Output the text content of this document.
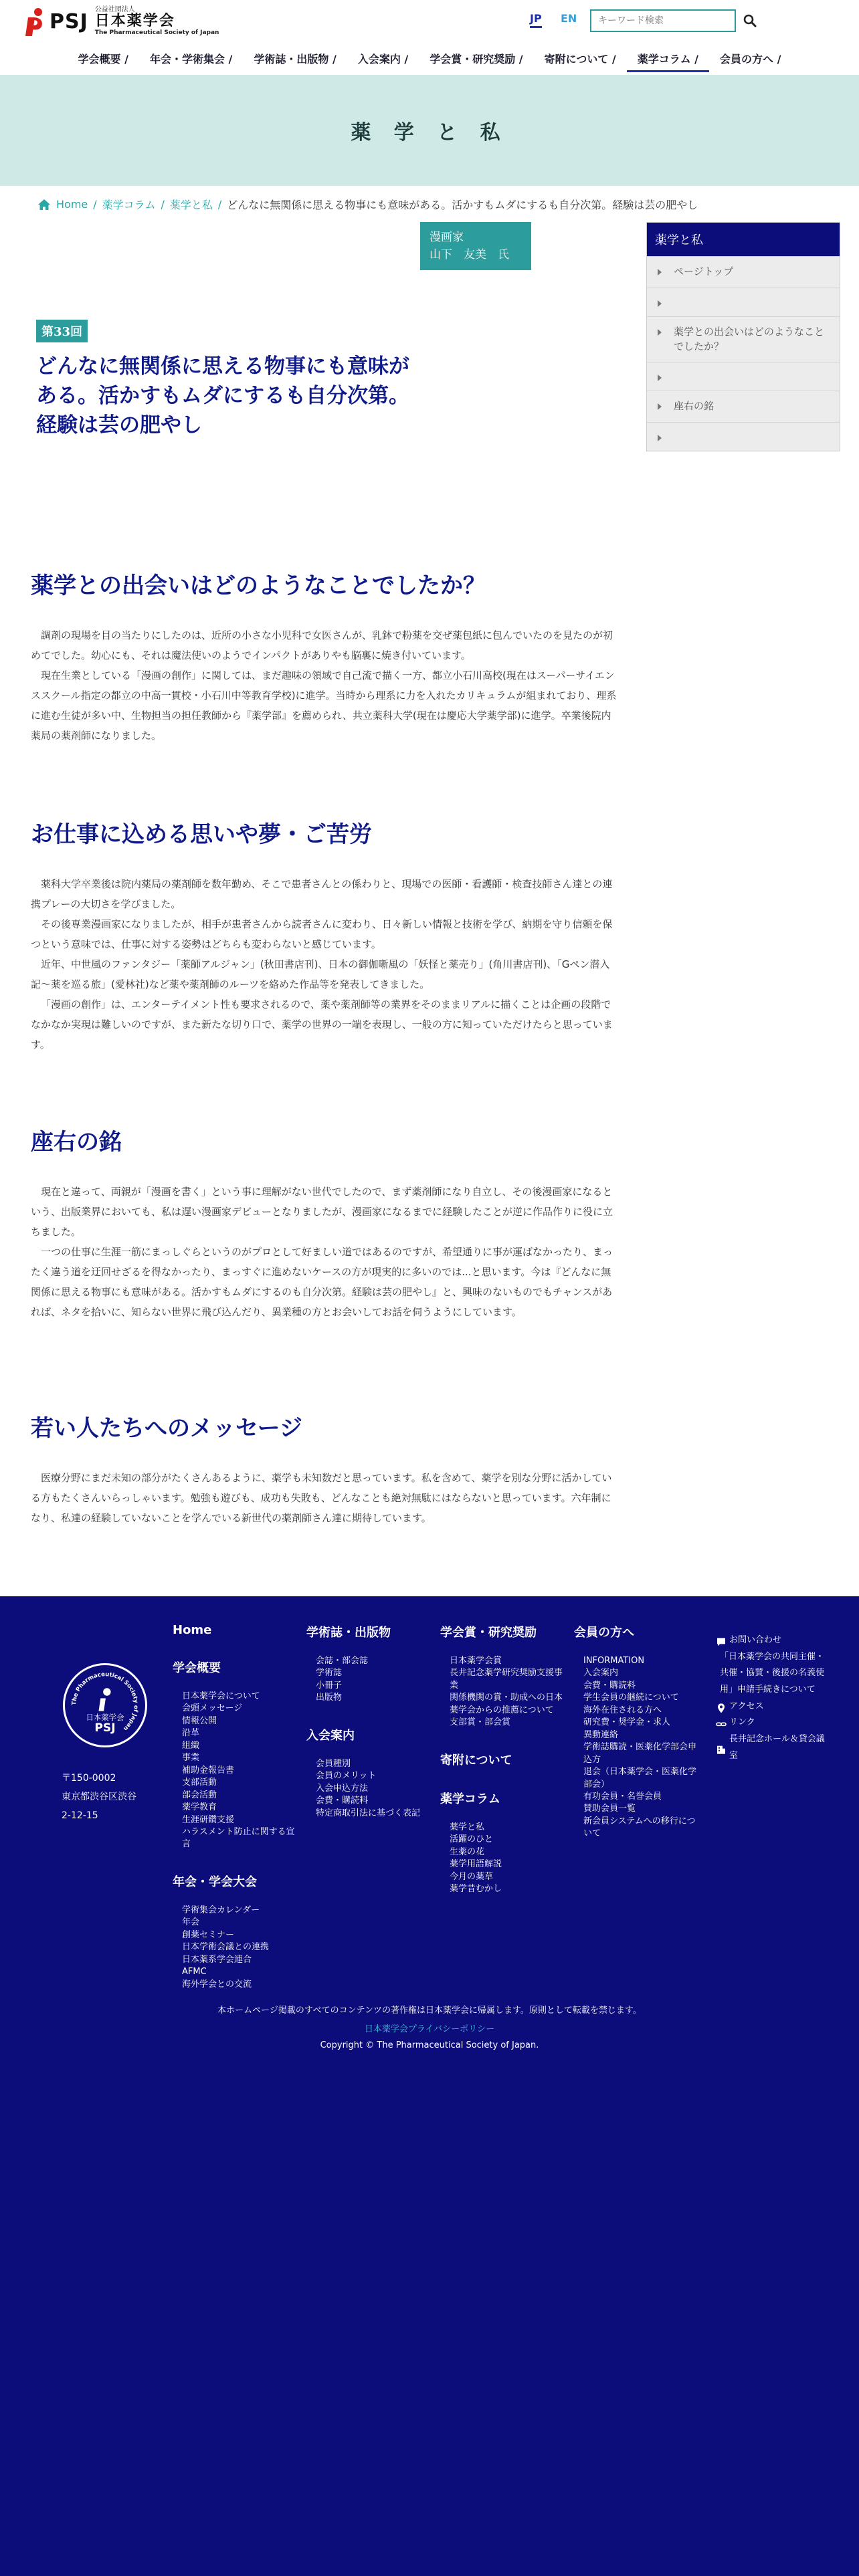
PSJ 公益社団法人
日本薬学会
The Pharmaceutical Society of Japan
JP EN
キーワード検索
学会概要 /	年会・学術集会 /	学術誌・出版物 /	入会案内 /	学会賞・研究奨励 /	寄附について /	薬学コラム /	会員の方へ /
薬 学 と 私
Home / 薬学コラム / 薬学と私 / どんなに無関係に思える物事にも意味がある。活かすもムダにするも自分次第。経験は芸の肥やし
漫画家
山下　友美　氏
薬学と私
ページトップ
薬学との出会いはどのようなことでしたか？
座右の銘
第33回
どんなに無関係に思える物事にも意味がある。活かすもムダにするも自分次第。経験は芸の肥やし
薬学との出会いはどのようなことでしたか？

調剤の現場を目の当たりにしたのは、近所の小さな小児科で女医さんが、乳鉢で粉薬を交ぜ薬包紙に包んでいたのを見たのが初めてでした。幼心にも、それは魔法使いのようでインパクトがありやも脳裏に焼き付いています。

現在生業としている「漫画の創作」に関しては、まだ趣味の領域で自己流で描く一方、都立小石川高校(現在はスーパーサイエンススクール指定の都立の中高一貫校・小石川中等教育学校)に進学。当時から理系に力を入れたカリキュラムが組まれており、理系に進む生徒が多い中、生物担当の担任教師から『薬学部』を薦められ、共立薬科大学(現在は慶応大学薬学部)に進学。卒業後院内薬局の薬剤師になりました。

お仕事に込める思いや夢・ご苦労

薬科大学卒業後は院内薬局の薬剤師を数年勤め、そこで患者さんとの係わりと、現場での医師・看護師・検査技師さん達との連携プレーの大切さを学びました。

その後専業漫画家になりましたが、相手が患者さんから読者さんに変わり、日々新しい情報と技術を学び、納期を守り信頼を保つという意味では、仕事に対する姿勢はどちらも変わらないと感じています。

近年、中世風のファンタジー「薬師アルジャン」(秋田書店刊)、日本の御伽噺風の「妖怪と薬売り」(角川書店刊)、「Gペン潜入記〜薬を巡る旅」(愛林社)など薬や薬剤師のルーツを絡めた作品等を発表してきました。

「漫画の創作」は、エンターテイメント性も要求されるので、薬や薬剤師等の業界をそのままリアルに描くことは企画の段階でなかなか実現は難しいのですが、また新たな切り口で、薬学の世界の一端を表現し、一般の方に知っていただけたらと思っています。

座右の銘

現在と違って、両親が「漫画を書く」という事に理解がない世代でしたので、まず薬剤師になり自立し、その後漫画家になるという、出版業界においても、私は遅い漫画家デビューとなりましたが、漫画家になるまでに経験したことが逆に作品作りに役に立ちました。

一つの仕事に生涯一筋にまっしぐらというのがプロとして好ましい道ではあるのですが、希望通りに事が運ばなかったり、まったく違う道を迂回せざるを得なかったり、まっすぐに進めないケースの方が現実的に多いのでは...と思います。今は『どんなに無関係に思える物事にも意味がある。活かすもムダにするのも自分次第。経験は芸の肥やし』と、興味のないものでもチャンスがあれば、ネタを拾いに、知らない世界に飛び込んだり、異業種の方とお会いしてお話を伺うようにしています。

若い人たちへのメッセージ

医療分野にまだ未知の部分がたくさんあるように、薬学も未知数だと思っています。私を含めて、薬学を別な分野に活かしている方もたくさんいらっしゃいます。勉強も遊びも、成功も失敗も、どんなことも絶対無駄にはならないと思っています。六年制になり、私達の経験していないことを学んでいる新世代の薬剤師さん達に期待しています。

The Pharmaceutical Society of Japan
日本薬学会
PSJ
〒150-0002
東京都渋谷区渋谷
2-12-15
Home
学会概要
日本薬学会について
会頭メッセージ
情報公開
沿革
組織
事業
補助金報告書
支部活動
部会活動
薬学教育
生涯研鑽支援
ハラスメント防止に関する宣言
年会・学会大会
学術集会カレンダー
年会
創薬セミナー
日本学術会議との連携
日本薬系学会連合
AFMC
海外学会との交流
学術誌・出版物
会誌・部会誌
学術誌
小冊子
出版物
入会案内
会員種別
会員のメリット
入会申込方法
会費・購読料
特定商取引法に基づく表記
学会賞・研究奨励
日本薬学会賞
長井記念薬学研究奨励支援事業
関係機関の賞・助成への日本薬学会からの推薦について
支部賞・部会賞
寄附について
薬学コラム
薬学と私
活躍のひと
生薬の花
薬学用語解説
今月の薬草
薬学昔むかし
会員の方へ
INFORMATION
入会案内
会費・購読料
学生会員の継続について
海外在住される方へ
研究費・奨学金・求人
異動連絡
学術誌購読・医薬化学部会申込方
退会（日本薬学会・医薬化学部会）
有功会員・名誉会員
賛助会員一覧
新会員システムへの移行について
お問い合わせ
「日本薬学会の共同主催・共催・協賛・後援の名義使用」申請手続きについて
アクセス
リンク
長井記念ホール＆貸会議室
本ホームページ掲載のすべてのコンテンツの著作権は日本薬学会に帰属します。原則として転載を禁じます。
日本薬学会プライバシーポリシー
Copyright © The Pharmaceutical Society of Japan.
